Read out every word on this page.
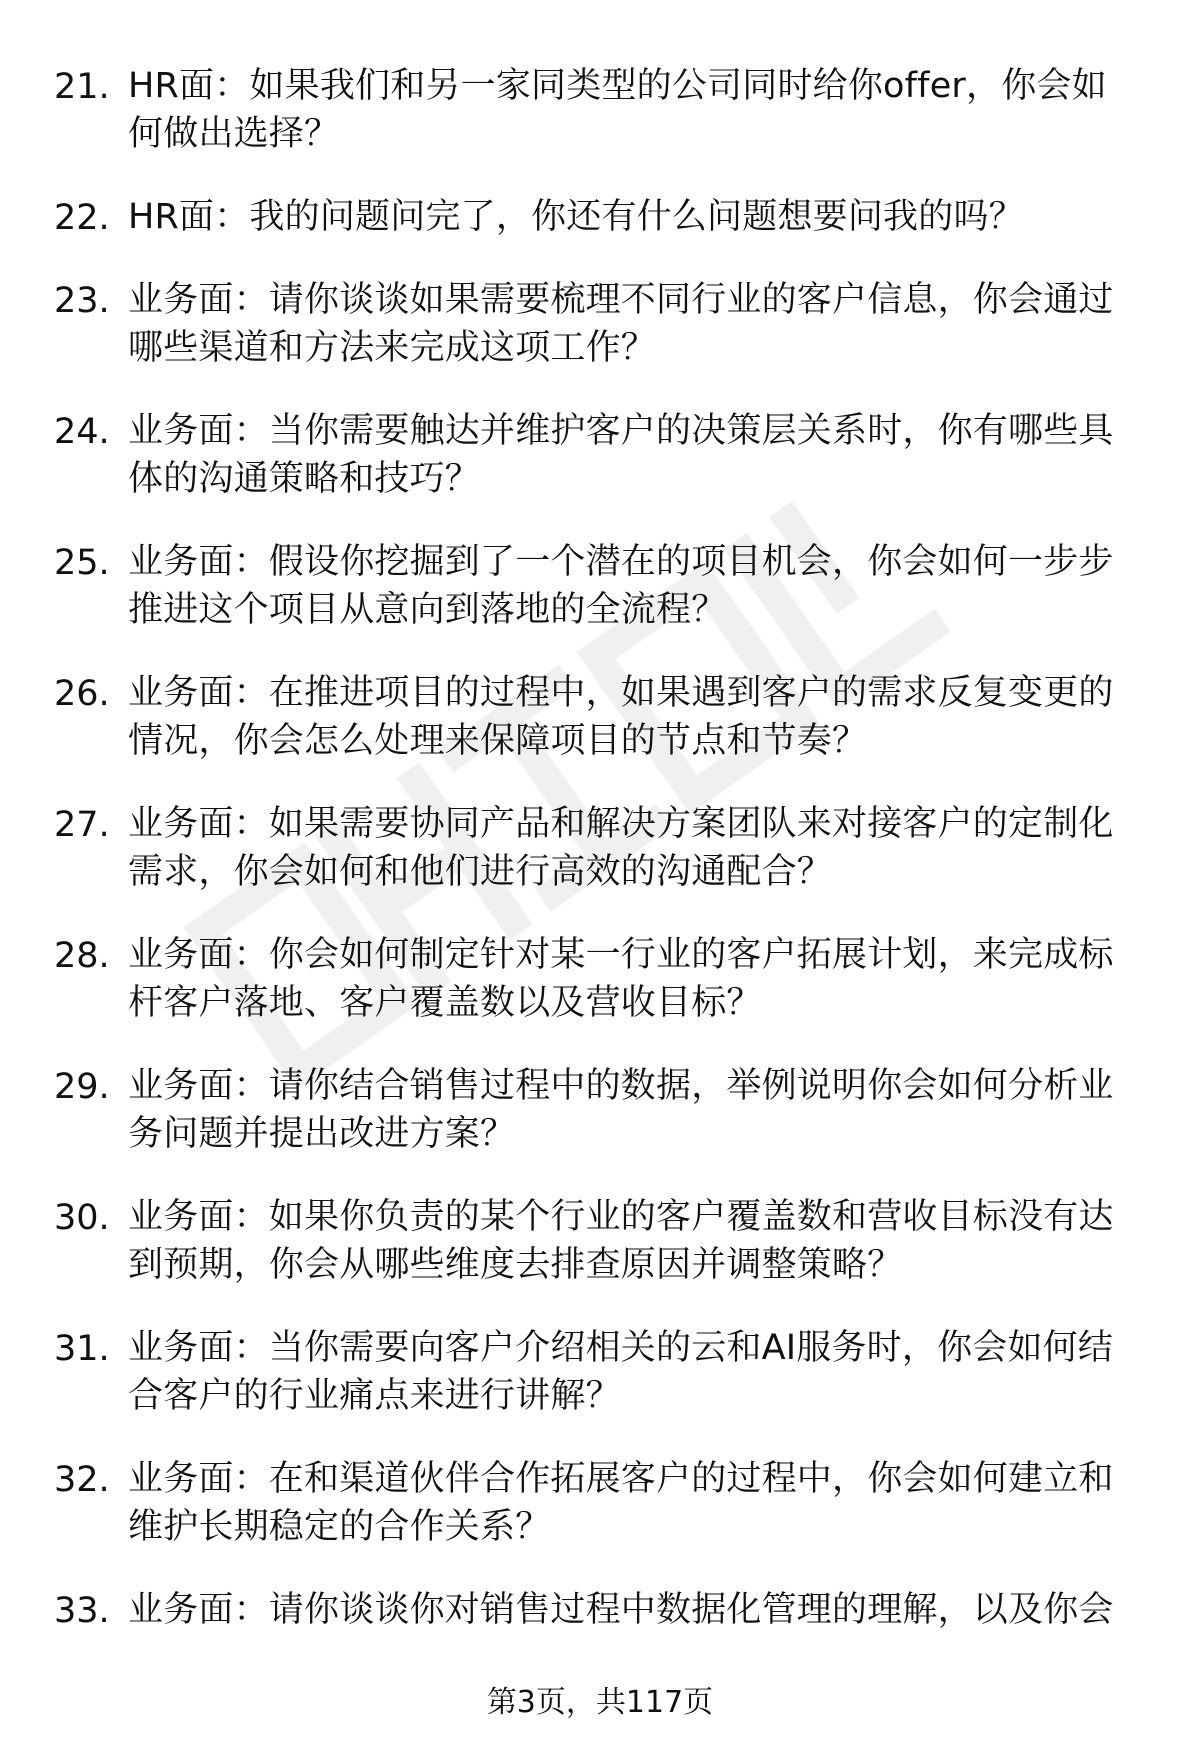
21. HR面：如果我们和另一家同类型的公司同时给你offer，你会如何做出选择？
22. HR面：我的问题问完了，你还有什么问题想要问我的吗？
23. 业务面：请你谈谈如果需要梳理不同行业的客户信息，你会通过哪些渠道和方法来完成这项工作？
24. 业务面：当你需要触达并维护客户的决策层关系时，你有哪些具体的沟通策略和技巧？
25. 业务面：假设你挖掘到了一个潜在的项目机会，你会如何一步步推进这个项目从意向到落地的全流程？
26. 业务面：在推进项目的过程中，如果遇到客户的需求反复变更的情况，你会怎么处理来保障项目的节点和节奏？
27. 业务面：如果需要协同产品和解决方案团队来对接客户的定制化需求，你会如何和他们进行高效的沟通配合？
28. 业务面：你会如何制定针对某一行业的客户拓展计划，来完成标杆客户落地、客户覆盖数以及营收目标？
29. 业务面：请你结合销售过程中的数据，举例说明你会如何分析业务问题并提出改进方案？
30. 业务面：如果你负责的某个行业的客户覆盖数和营收目标没有达到预期，你会从哪些维度去排查原因并调整策略？
31. 业务面：当你需要向客户介绍相关的云和AI服务时，你会如何结合客户的行业痛点来进行讲解？
32. 业务面：在和渠道伙伴合作拓展客户的过程中，你会如何建立和维护长期稳定的合作关系？
33. 业务面：请你谈谈你对销售过程中数据化管理的理解，以及你会
第3页，共117页
